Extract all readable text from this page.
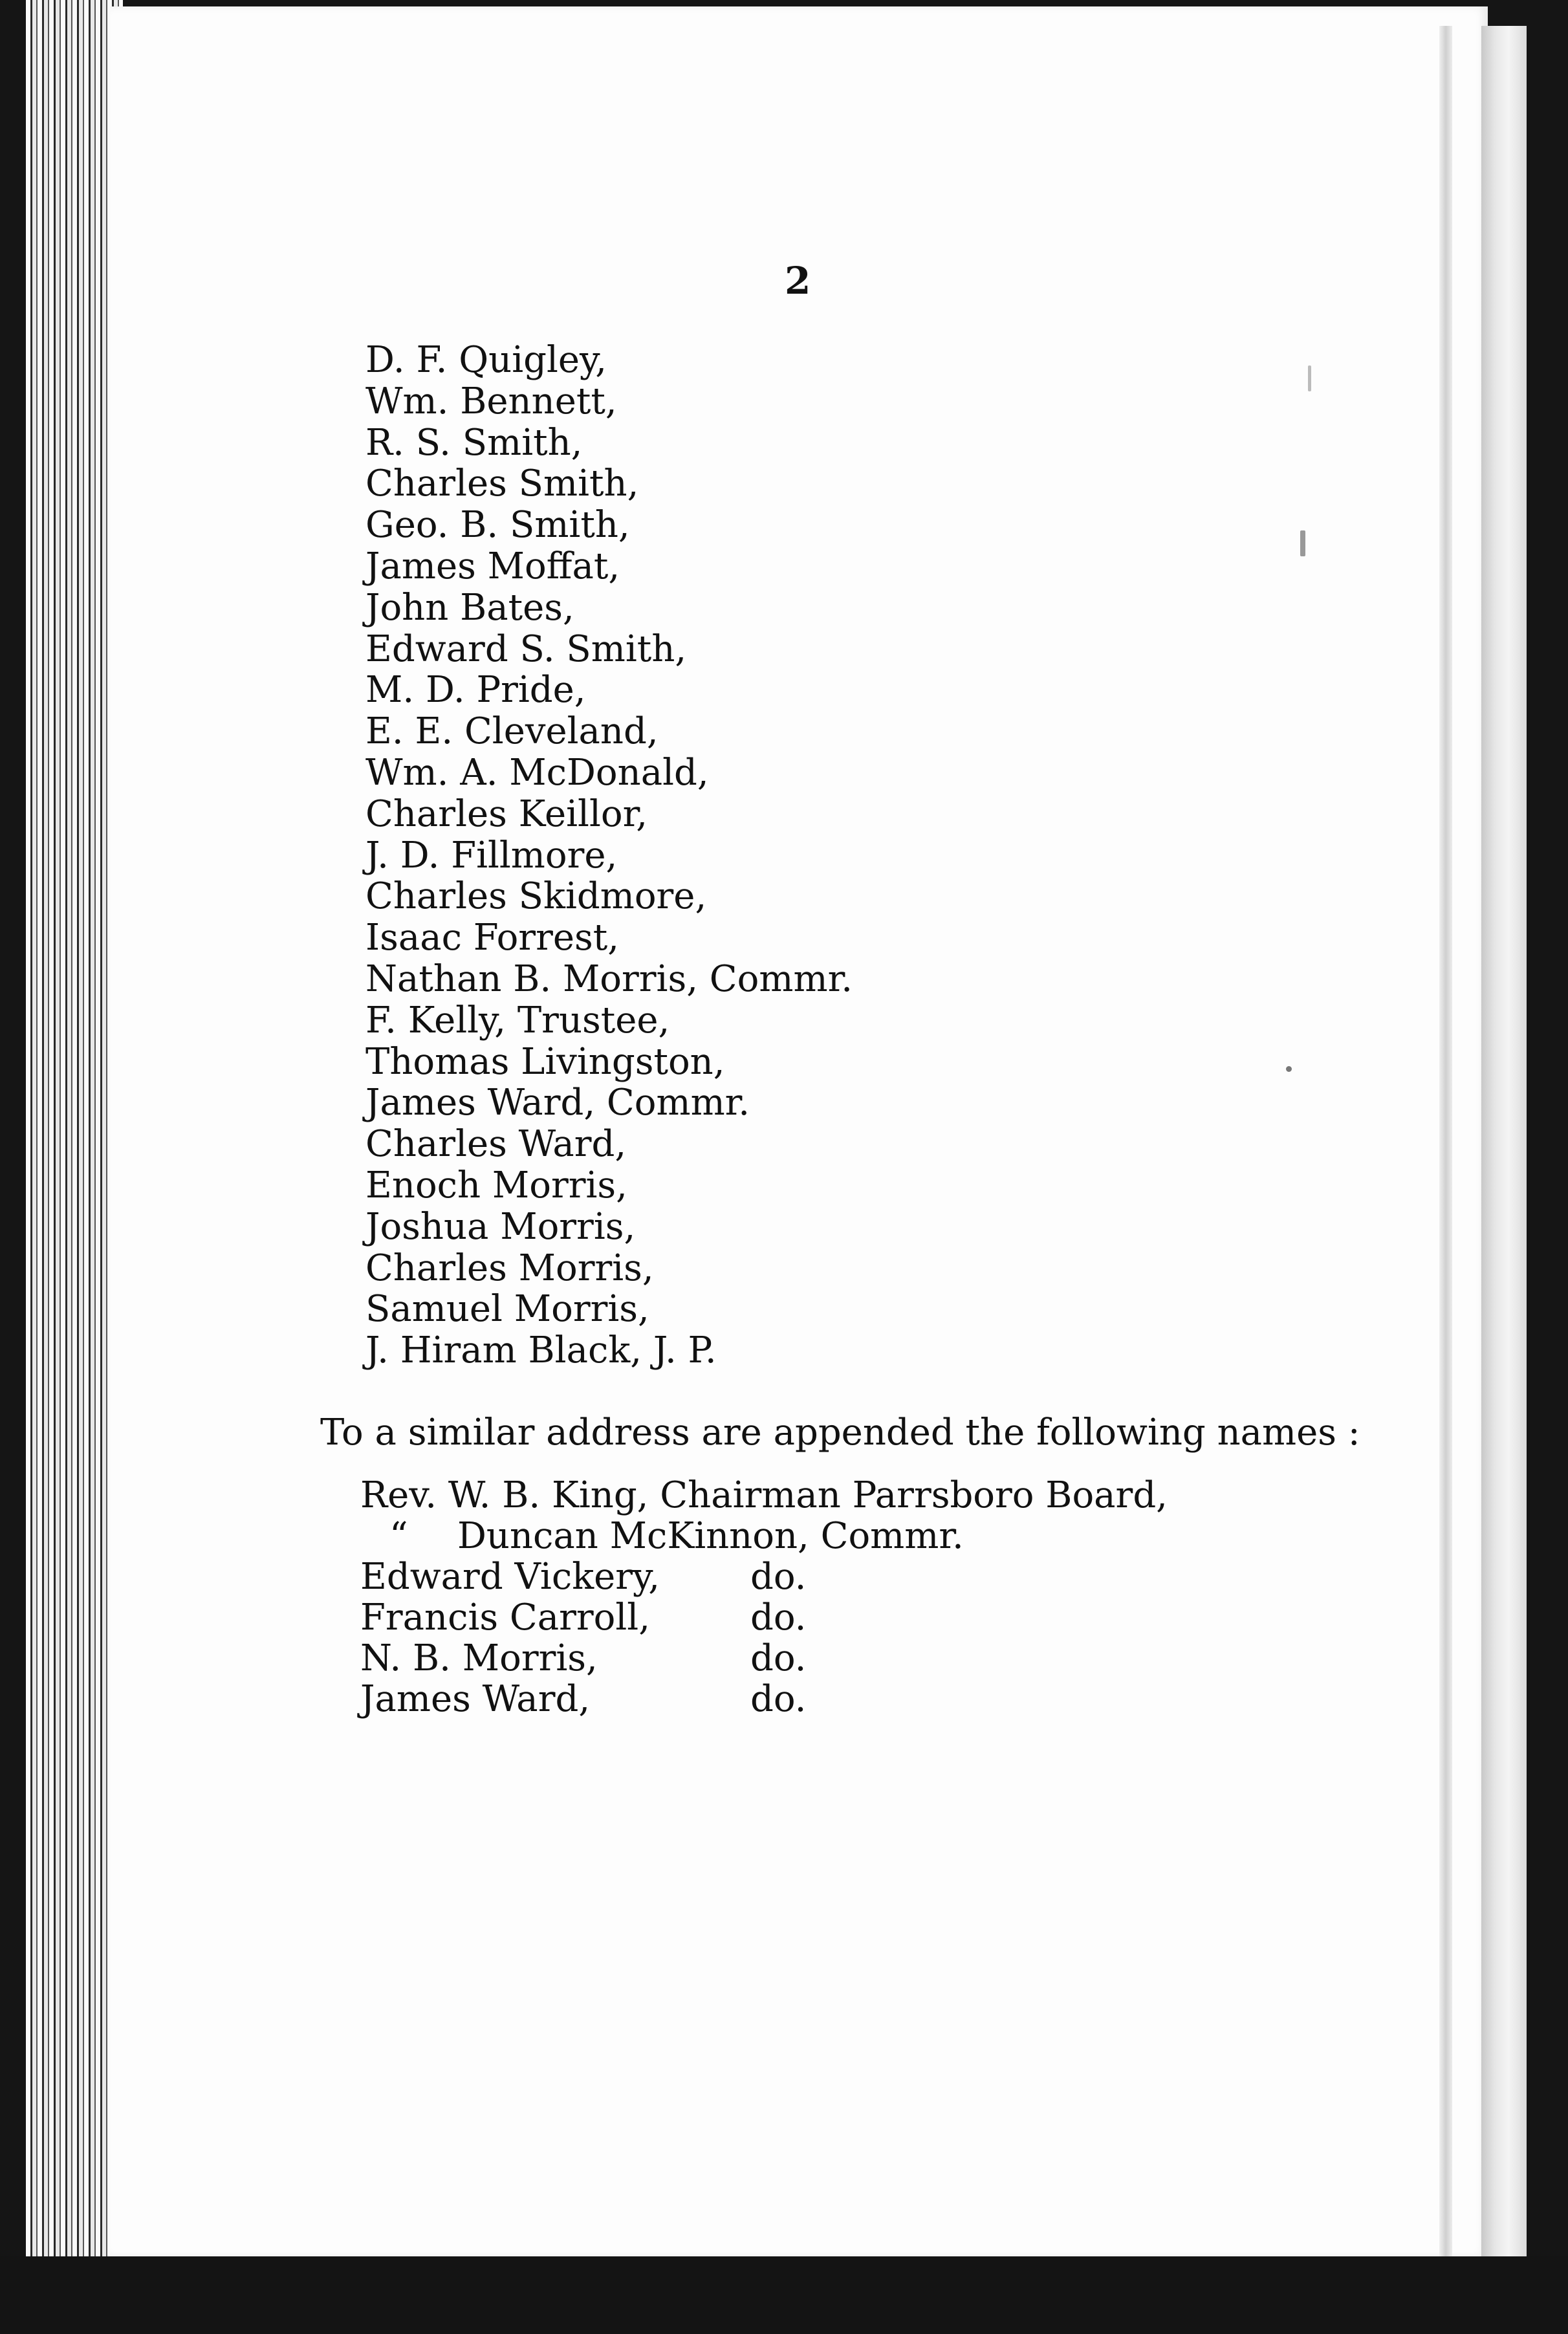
2
D. F. Quigley,
Wm. Bennett,
R. S. Smith,
Charles Smith,
Geo. B. Smith,
James Moffat,
John Bates,
Edward S. Smith,
M. D. Pride,
E. E. Cleveland,
Wm. A. McDonald,
Charles Keillor,
J. D. Fillmore,
Charles Skidmore,
Isaac Forrest,
Nathan B. Morris, Commr.
F. Kelly, Trustee,
Thomas Livingston,
James Ward, Commr.
Charles Ward,
Enoch Morris,
Joshua Morris,
Charles Morris,
Samuel Morris,
J. Hiram Black, J. P.
To a similar address are appended the following names :
Rev. W. B. King, Chairman Parrsboro Board,
“ Duncan McKinnon, Commr.
Edward Vickery, do.
Francis Carroll,	do.
N. B. Morris,	do.
James Ward,	do.
